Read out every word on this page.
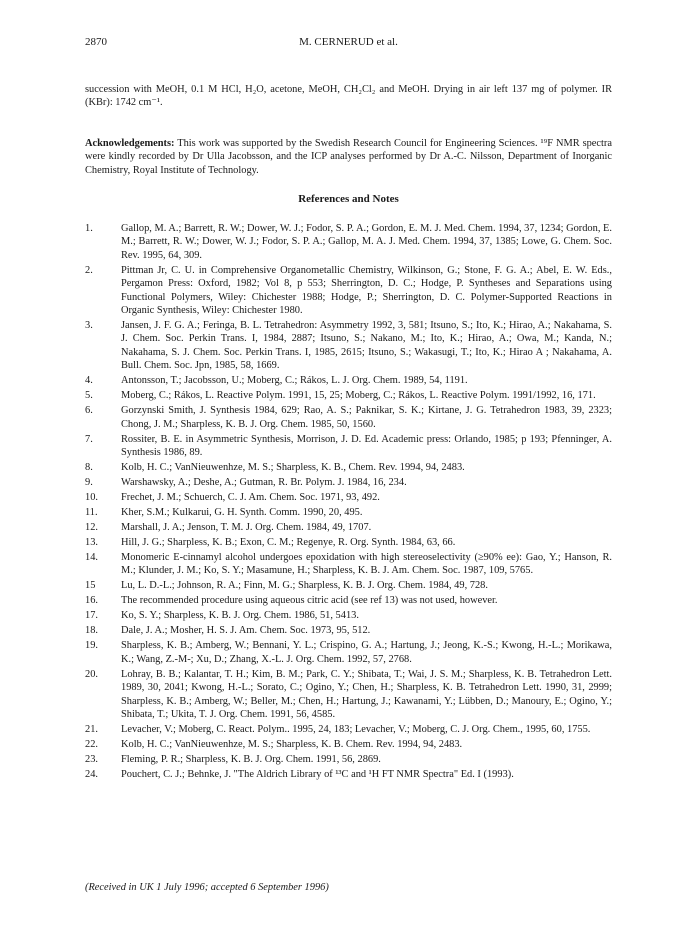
2870	M. CERNERUD et al.
succession with MeOH, 0.1 M HCl, H₂O, acetone, MeOH, CH₂Cl₂ and MeOH. Drying in air left 137 mg of polymer. IR (KBr): 1742 cm⁻¹.
Acknowledgements: This work was supported by the Swedish Research Council for Engineering Sciences. ¹⁹F NMR spectra were kindly recorded by Dr Ulla Jacobsson, and the ICP analyses performed by Dr A.-C. Nilsson, Department of Inorganic Chemistry, Royal Institute of Technology.
References and Notes
1.	Gallop, M. A.; Barrett, R. W.; Dower, W. J.; Fodor, S. P. A.; Gordon, E. M. J. Med. Chem. 1994, 37, 1234; Gordon, E. M.; Barrett, R. W.; Dower, W. J.; Fodor, S. P. A.; Gallop, M. A. J. Med. Chem. 1994, 37, 1385; Lowe, G. Chem. Soc. Rev. 1995, 64, 309.
2.	Pittman Jr, C. U. in Comprehensive Organometallic Chemistry, Wilkinson, G.; Stone, F. G. A.; Abel, E. W. Eds., Pergamon Press: Oxford, 1982; Vol 8, p 553; Sherrington, D. C.; Hodge, P. Syntheses and Separations using Functional Polymers, Wiley: Chichester 1988; Hodge, P.; Sherrington, D. C. Polymer-Supported Reactions in Organic Synthesis, Wiley: Chichester 1980.
3.	Jansen, J. F. G. A.; Feringa, B. L. Tetrahedron: Asymmetry 1992, 3, 581; Itsuno, S.; Ito, K.; Hirao, A.; Nakahama, S. J. Chem. Soc. Perkin Trans. I, 1984, 2887; Itsuno, S.; Nakano, M.; Ito, K.; Hirao, A.; Owa, M.; Kanda, N.; Nakahama, S. J. Chem. Soc. Perkin Trans. I, 1985, 2615; Itsuno, S.; Wakasugi, T.; Ito, K.; Hirao A ; Nakahama, A. Bull. Chem. Soc. Jpn, 1985, 58, 1669.
4.	Antonsson, T.; Jacobsson, U.; Moberg, C.; Rákos, L. J. Org. Chem. 1989, 54, 1191.
5.	Moberg, C.; Rákos, L. Reactive Polym. 1991, 15, 25; Moberg, C.; Rákos, L. Reactive Polym. 1991/1992, 16, 171.
6.	Gorzynski Smith, J. Synthesis 1984, 629; Rao, A. S.; Paknikar, S. K.; Kirtane, J. G. Tetrahedron 1983, 39, 2323; Chong, J. M.; Sharpless, K. B. J. Org. Chem. 1985, 50, 1560.
7.	Rossiter, B. E. in Asymmetric Synthesis, Morrison, J. D. Ed. Academic press: Orlando, 1985; p 193; Pfenninger, A. Synthesis 1986, 89.
8.	Kolb, H. C.; VanNieuwenhze, M. S.; Sharpless, K. B., Chem. Rev. 1994, 94, 2483.
9.	Warshawsky, A.; Deshe, A.; Gutman, R. Br. Polym. J. 1984, 16, 234.
10.	Frechet, J. M.; Schuerch, C. J. Am. Chem. Soc. 1971, 93, 492.
11.	Kher, S.M.; Kulkarui, G. H. Synth. Comm. 1990, 20, 495.
12.	Marshall, J. A.; Jenson, T. M. J. Org. Chem. 1984, 49, 1707.
13.	Hill, J. G.; Sharpless, K. B.; Exon, C. M.; Regenye, R. Org. Synth. 1984, 63, 66.
14.	Monomeric E-cinnamyl alcohol undergoes epoxidation with high stereoselectivity (≥90% ee): Gao, Y.; Hanson, R. M.; Klunder, J. M.; Ko, S. Y.; Masamune, H.; Sharpless, K. B. J. Am. Chem. Soc. 1987, 109, 5765.
15	Lu, L. D.-L.; Johnson, R. A.; Finn, M. G.; Sharpless, K. B. J. Org. Chem. 1984, 49, 728.
16.	The recommended procedure using aqueous citric acid (see ref 13) was not used, however.
17.	Ko, S. Y.; Sharpless, K. B. J. Org. Chem. 1986, 51, 5413.
18.	Dale, J. A.; Mosher, H. S. J. Am. Chem. Soc. 1973, 95, 512.
19.	Sharpless, K. B.; Amberg, W.; Bennani, Y. L.; Crispino, G. A.; Hartung, J.; Jeong, K.-S.; Kwong, H.-L.; Morikawa, K.; Wang, Z.-M-; Xu, D.; Zhang, X.-L. J. Org. Chem. 1992, 57, 2768.
20.	Lohray, B. B.; Kalantar, T. H.; Kim, B. M.; Park, C. Y.; Shibata, T.; Wai, J. S. M.; Sharpless, K. B. Tetrahedron Lett. 1989, 30, 2041; Kwong, H.-L.; Sorato, C.; Ogino, Y.; Chen, H.; Sharpless, K. B. Tetrahedron Lett. 1990, 31, 2999; Sharpless, K. B.; Amberg, W.; Beller, M.; Chen, H.; Hartung, J.; Kawanami, Y.; Lübben, D.; Manoury, E.; Ogino, Y.; Shibata, T.; Ukita, T. J. Org. Chem. 1991, 56, 4585.
21.	Levacher, V.; Moberg, C. React. Polym.. 1995, 24, 183; Levacher, V.; Moberg, C. J. Org. Chem., 1995, 60, 1755.
22.	Kolb, H. C.; VanNieuwenhze, M. S.; Sharpless, K. B. Chem. Rev. 1994, 94, 2483.
23.	Fleming, P. R.; Sharpless, K. B. J. Org. Chem. 1991, 56, 2869.
24.	Pouchert, C. J.; Behnke, J. "The Aldrich Library of ¹³C and ¹H FT NMR Spectra" Ed. I (1993).
(Received in UK 1 July 1996; accepted 6 September 1996)
